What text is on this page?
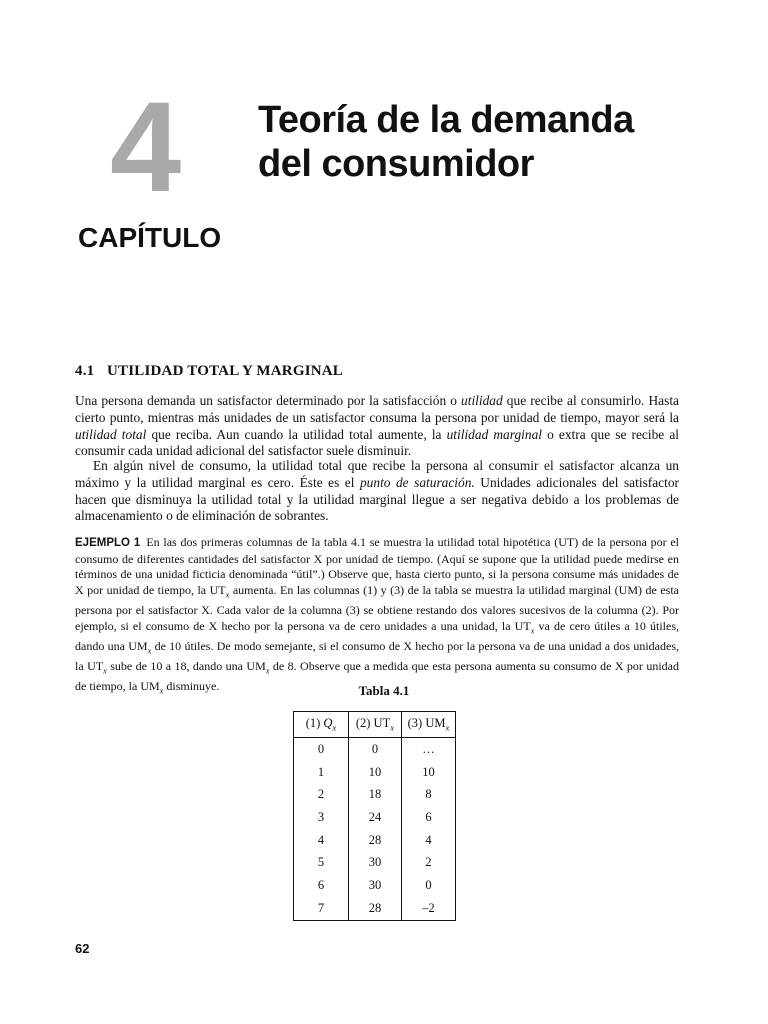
4
CAPÍTULO
Teoría de la demanda
del consumidor
4.1 UTILIDAD TOTAL Y MARGINAL
Una persona demanda un satisfactor determinado por la satisfacción o utilidad que recibe al consumirlo. Hasta cierto punto, mientras más unidades de un satisfactor consuma la persona por unidad de tiempo, mayor será la utilidad total que reciba. Aun cuando la utilidad total aumente, la utilidad marginal o extra que se recibe al consumir cada unidad adicional del satisfactor suele disminuir.
En algún nivel de consumo, la utilidad total que recibe la persona al consumir el satisfactor alcanza un máximo y la utilidad marginal es cero. Éste es el punto de saturación. Unidades adicionales del satisfactor hacen que disminuya la utilidad total y la utilidad marginal llegue a ser negativa debido a los problemas de almacenamiento o de eliminación de sobrantes.
EJEMPLO 1 En las dos primeras columnas de la tabla 4.1 se muestra la utilidad total hipotética (UT) de la persona por el consumo de diferentes cantidades del satisfactor X por unidad de tiempo. (Aquí se supone que la utilidad puede medirse en términos de una unidad ficticia denominada “útil”.) Observe que, hasta cierto punto, si la persona consume más unidades de X por unidad de tiempo, la $UT_x$ aumenta. En las columnas (1) y (3) de la tabla se muestra la utilidad marginal (UM) de esta persona por el satisfactor X. Cada valor de la columna (3) se obtiene restando dos valores sucesivos de la columna (2). Por ejemplo, si el consumo de X hecho por la persona va de cero unidades a una unidad, la $UT_x$ va de cero útiles a 10 útiles, dando una $UM_x$ de 10 útiles. De modo semejante, si el consumo de X hecho por la persona va de una unidad a dos unidades, la $UT_x$ sube de 10 a 18, dando una $UM_x$ de 8. Observe que a medida que esta persona aumenta su consumo de X por unidad de tiempo, la $UM_x$ disminuye.	Tabla 4.1
(1) $Q_x$	(2) $UT_x$	(3) $UM_x$
0	0	…
1	10	10
2	18	8
3	24	6
4	28	4
5	30	2
6	30	0
7	28	–2
62
